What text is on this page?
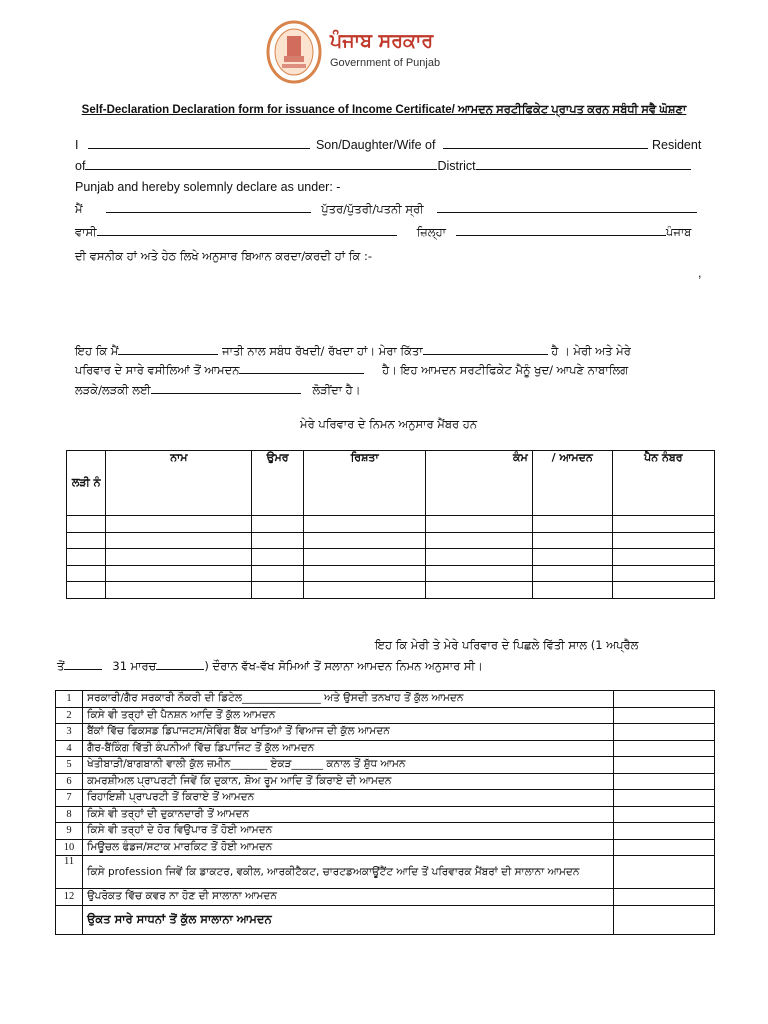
ਪੰਜਾਬ ਸਰਕਾਰ
Government of Punjab
Self-Declaration Declaration form for issuance of Income Certificate/ ਆਮਦਨ ਸਰਟੀਫਿਕੇਟ ਪ੍ਰਾਪਤ ਕਰਨ ਸਬੰਧੀ ਸਵੈ ਘੋਸ਼ਣਾ
I	Son/Daughter/Wife of	Resident
of	District
Punjab and hereby solemnly declare as under: -
ਮੈਂ	ਪੁੱਤਰ/ਪੁੱਤਰੀ/ਪਤਨੀ ਸ੍ਰੀ
ਵਾਸੀ	ਜ਼ਿਲ੍ਹਾ	ਪੰਜਾਬ
ਦੀ ਵਸਨੀਕ ਹਾਂ ਅਤੇ ਹੇਠ ਲਿਖੇ ਅਨੁਸਾਰ ਬਿਆਨ ਕਰਦਾ/ਕਰਦੀ ਹਾਂ ਕਿ :-
,
ਇਹ ਕਿ ਮੈਂ	ਜਾਤੀ ਨਾਲ ਸਬੰਧ ਰੱਖਦੀ/ ਰੱਖਦਾ ਹਾਂ। ਮੇਰਾ ਕਿੱਤਾ	ਹੈ । ਮੇਰੀ ਅਤੇ ਮੇਰੇ
ਪਰਿਵਾਰ ਦੇ ਸਾਰੇ ਵਸੀਲਿਆਂ ਤੋਂ ਆਮਦਨ	ਹੈ। ਇਹ ਆਮਦਨ ਸਰਟੀਫਿਕੇਟ ਮੈਨੂੰ ਖੁਦ/ ਆਪਣੇ ਨਾਬਾਲਿਗ
ਲੜਕੇ/ਲੜਕੀ ਲਈ	ਲੋੜੀਂਦਾ ਹੈ।
ਮੇਰੇ ਪਰਿਵਾਰ ਦੇ ਨਿਮਨ ਅਨੁਸਾਰ ਮੈਂਬਰ ਹਨ
ਲੜੀ ਨੰ	ਨਾਮ	ਉਮਰ	ਰਿਸ਼ਤਾ	ਕੰਮ	/ ਆਮਦਨ	ਪੈਨ ਨੰਬਰ

ਇਹ ਕਿ ਮੇਰੀ ਤੇ ਮੇਰੇ ਪਰਿਵਾਰ ਦੇ ਪਿਛਲੇ ਵਿੱਤੀ ਸਾਲ (1 ਅਪ੍ਰੈਲ
ਤੋਂ	31 ਮਾਰਚ	) ਦੌਰਾਨ ਵੱਖ-ਵੱਖ ਸੋਮਿਆਂ ਤੋਂ ਸਲਾਨਾ ਆਮਦਨ ਨਿਮਨ ਅਨੁਸਾਰ ਸੀ।
1	ਸਰਕਾਰੀ/ਗੈਰ ਸਰਕਾਰੀ ਨੌਕਰੀ ਦੀ ਡਿਟੇਲ_______________ ਅਤੇ ਉਸਦੀ ਤਨਖਾਹ ਤੋਂ ਕੁੱਲ ਆਮਦਨ	
2	ਕਿਸੇ ਵੀ ਤਰ੍ਹਾਂ ਦੀ ਪੈਨਸ਼ਨ ਆਦਿ ਤੋਂ ਕੁੱਲ ਆਮਦਨ	
3	ਬੈਂਕਾਂ ਵਿੱਚ ਫਿਕਸਡ ਡਿਪਾਜਟਸ/ਸੇਵਿੰਗ ਬੈਂਕ ਖਾਤਿਆਂ ਤੋਂ ਵਿਆਜ ਦੀ ਕੁੱਲ ਆਮਦਨ	
4	ਗੈਰ-ਬੈਂਕਿੰਗ ਵਿੱਤੀ ਕੰਪਨੀਆਂ ਵਿੱਚ ਡਿਪਾਜਿਟ ਤੋਂ ਕੁੱਲ ਆਮਦਨ	
5	ਖੇਤੀਬਾੜੀ/ਬਾਗਬਾਨੀ ਵਾਲੀ ਕੁੱਲ ਜ਼ਮੀਨ_______ ਏਕੜ______ ਕਨਾਲ ਤੋਂ ਸ਼ੁੱਧ ਆਮਨ	
6	ਕਮਰਸ਼ੀਅਲ ਪ੍ਰਾਪਰਟੀ ਜਿਵੇਂ ਕਿ ਦੁਕਾਨ, ਸ਼ੋਅ ਰੂਮ ਆਦਿ ਤੋਂ ਕਿਰਾਏ ਦੀ ਆਮਦਨ	
7	ਰਿਹਾਇਸ਼ੀ ਪ੍ਰਾਪਰਟੀ ਤੋਂ ਕਿਰਾਏ ਤੋਂ ਆਮਦਨ	
8	ਕਿਸੇ ਵੀ ਤਰ੍ਹਾਂ ਦੀ ਦੁਕਾਨਦਾਰੀ ਤੋਂ ਆਮਦਨ	
9	ਕਿਸੇ ਵੀ ਤਰ੍ਹਾਂ ਦੇ ਹੋਰ ਵਿਉਪਾਰ ਤੋਂ ਹੋਈ ਆਮਦਨ	
10	ਮਿਊਚਲ ਫੰਡਜ/ਸਟਾਕ ਮਾਰਕਿਟ ਤੋਂ ਹੋਈ ਆਮਦਨ	
11	ਕਿਸੇ profession ਜਿਵੇਂ ਕਿ ਡਾਕਟਰ, ਵਕੀਲ, ਆਰਕੀਟੈਕਟ, ਚਾਰਟਡਅਕਾਊਂਟੈਂਟ ਆਦਿ ਤੋਂ ਪਰਿਵਾਰਕ ਮੈਂਬਰਾਂ ਦੀ ਸਾਲਾਨਾ ਆਮਦਨ	
12	ਉਪਰੋਕਤ ਵਿੱਚ ਕਵਰ ਨਾ ਹੋਣ ਦੀ ਸਾਲਾਨਾ ਆਮਦਨ	
	ਉਕਤ ਸਾਰੇ ਸਾਧਨਾਂ ਤੋਂ ਕੁੱਲ ਸਾਲਾਨਾ ਆਮਦਨ	
